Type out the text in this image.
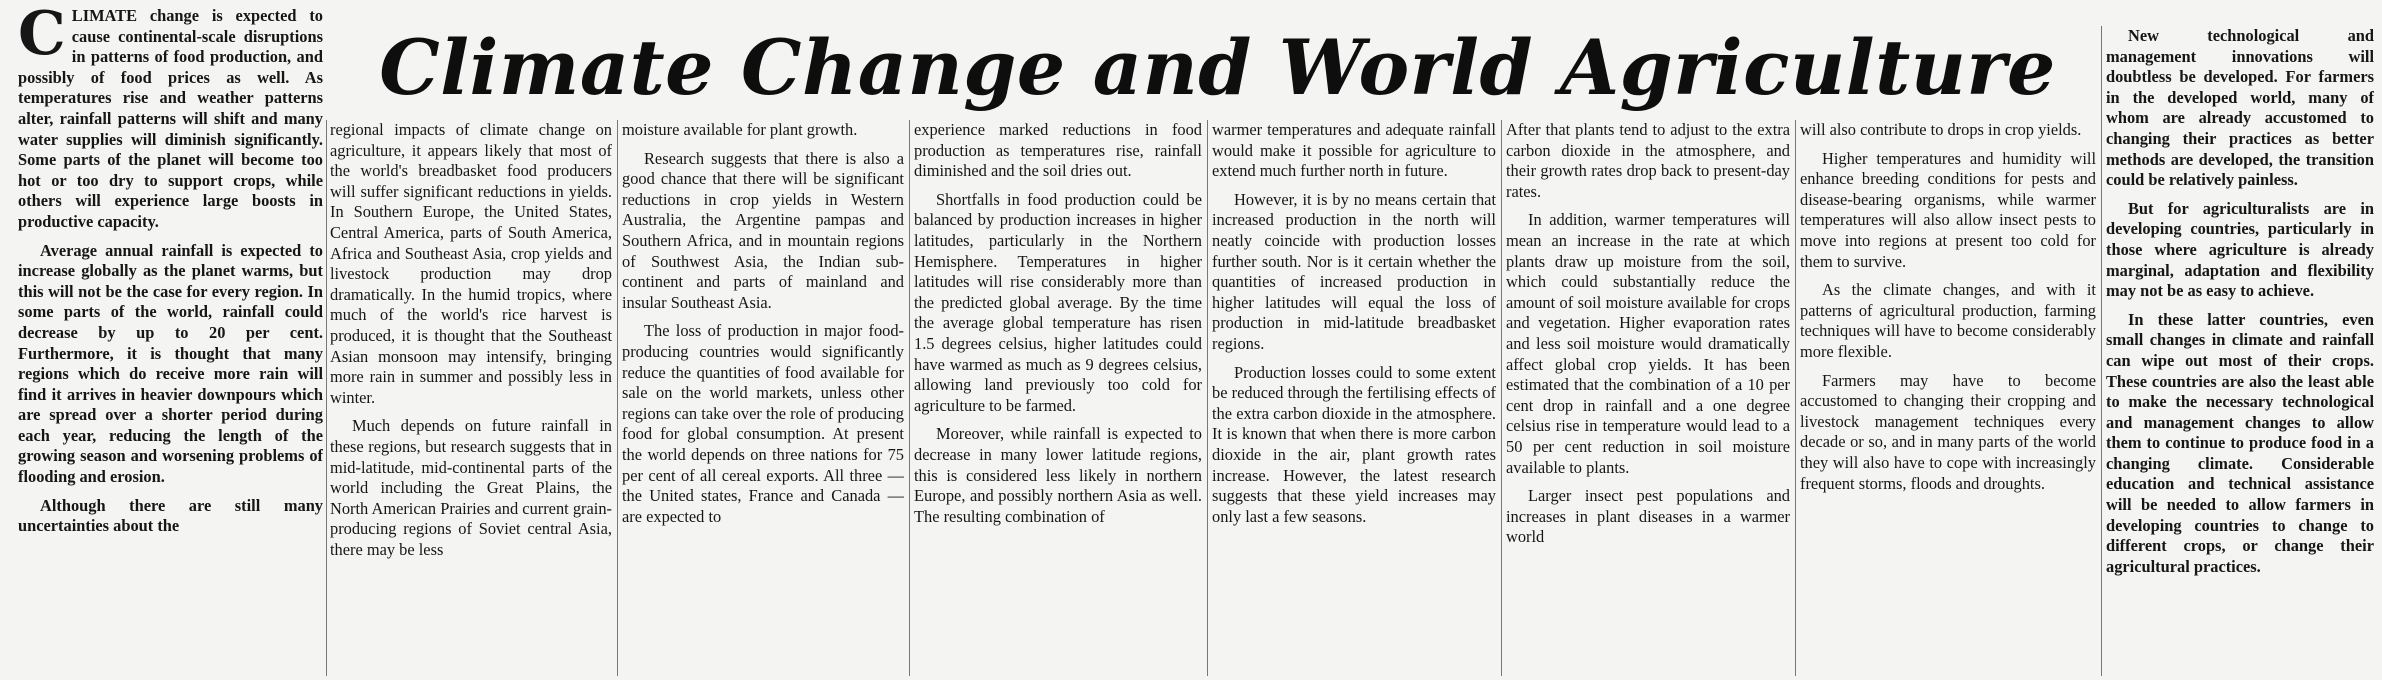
Climate Change and World Agriculture

CLIMATE change is expected to cause continental-scale disruptions in patterns of food production, and possibly of food prices as well. As temperatures rise and weather patterns alter, rainfall patterns will shift and many water supplies will diminish significantly. Some parts of the planet will become too hot or too dry to support crops, while others will experience large boosts in productive capacity.

Average annual rainfall is expected to increase globally as the planet warms, but this will not be the case for every region. In some parts of the world, rainfall could decrease by up to 20 per cent. Furthermore, it is thought that many regions which do receive more rain will find it arrives in heavier downpours which are spread over a shorter period during each year, reducing the length of the growing season and worsening problems of flooding and erosion.

Although there are still many uncertainties about the

regional impacts of climate change on agriculture, it appears likely that most of the world's breadbasket food producers will suffer significant reductions in yields. In Southern Europe, the United States, Central America, parts of South America, Africa and Southeast Asia, crop yields and livestock production may drop dramatically. In the humid tropics, where much of the world's rice harvest is produced, it is thought that the Southeast Asian monsoon may intensify, bringing more rain in summer and possibly less in winter.

Much depends on future rainfall in these regions, but research suggests that in mid-latitude, mid-continental parts of the world including the Great Plains, the North American Prairies and current grain-producing regions of Soviet central Asia, there may be less

moisture available for plant growth.

Research suggests that there is also a good chance that there will be significant reductions in crop yields in Western Australia, the Argentine pampas and Southern Africa, and in mountain regions of Southwest Asia, the Indian sub-continent and parts of mainland and insular Southeast Asia.

The loss of production in major food-producing countries would significantly reduce the quantities of food available for sale on the world markets, unless other regions can take over the role of producing food for global consumption. At present the world depends on three nations for 75 per cent of all cereal exports. All three — the United states, France and Canada — are expected to

experience marked reductions in food production as temperatures rise, rainfall diminished and the soil dries out.

Shortfalls in food production could be balanced by production increases in higher latitudes, particularly in the Northern Hemisphere. Temperatures in higher latitudes will rise considerably more than the predicted global average. By the time the average global temperature has risen 1.5 degrees celsius, higher latitudes could have warmed as much as 9 degrees celsius, allowing land previously too cold for agriculture to be farmed.

Moreover, while rainfall is expected to decrease in many lower latitude regions, this is considered less likely in northern Europe, and possibly northern Asia as well. The resulting combination of

warmer temperatures and adequate rainfall would make it possible for agriculture to extend much further north in future.

However, it is by no means certain that increased production in the north will neatly coincide with production losses further south. Nor is it certain whether the quantities of increased production in higher latitudes will equal the loss of production in mid-latitude breadbasket regions.

Production losses could to some extent be reduced through the fertilising effects of the extra carbon dioxide in the atmosphere. It is known that when there is more carbon dioxide in the air, plant growth rates increase. However, the latest research suggests that these yield increases may only last a few seasons.

After that plants tend to adjust to the extra carbon dioxide in the atmosphere, and their growth rates drop back to present-day rates.

In addition, warmer temperatures will mean an increase in the rate at which plants draw up moisture from the soil, which could substantially reduce the amount of soil moisture available for crops and vegetation. Higher evaporation rates and less soil moisture would dramatically affect global crop yields. It has been estimated that the combination of a 10 per cent drop in rainfall and a one degree celsius rise in temperature would lead to a 50 per cent reduction in soil moisture available to plants.

Larger insect pest populations and increases in plant diseases in a warmer world

will also contribute to drops in crop yields.

Higher temperatures and humidity will enhance breeding conditions for pests and disease-bearing organisms, while warmer temperatures will also allow insect pests to move into regions at present too cold for them to survive.

As the climate changes, and with it patterns of agricultural production, farming techniques will have to become considerably more flexible.

Farmers may have to become accustomed to changing their cropping and livestock management techniques every decade or so, and in many parts of the world they will also have to cope with increasingly frequent storms, floods and droughts.

New technological and management innovations will doubtless be developed. For farmers in the developed world, many of whom are already accustomed to changing their practices as better methods are developed, the transition could be relatively painless.

But for agriculturalists are in developing countries, particularly in those where agriculture is already marginal, adaptation and flexibility may not be as easy to achieve.

In these latter countries, even small changes in climate and rainfall can wipe out most of their crops. These countries are also the least able to make the necessary technological and management changes to allow them to continue to produce food in a changing climate. Considerable education and technical assistance will be needed to allow farmers in developing countries to change to different crops, or change their agricultural practices.
